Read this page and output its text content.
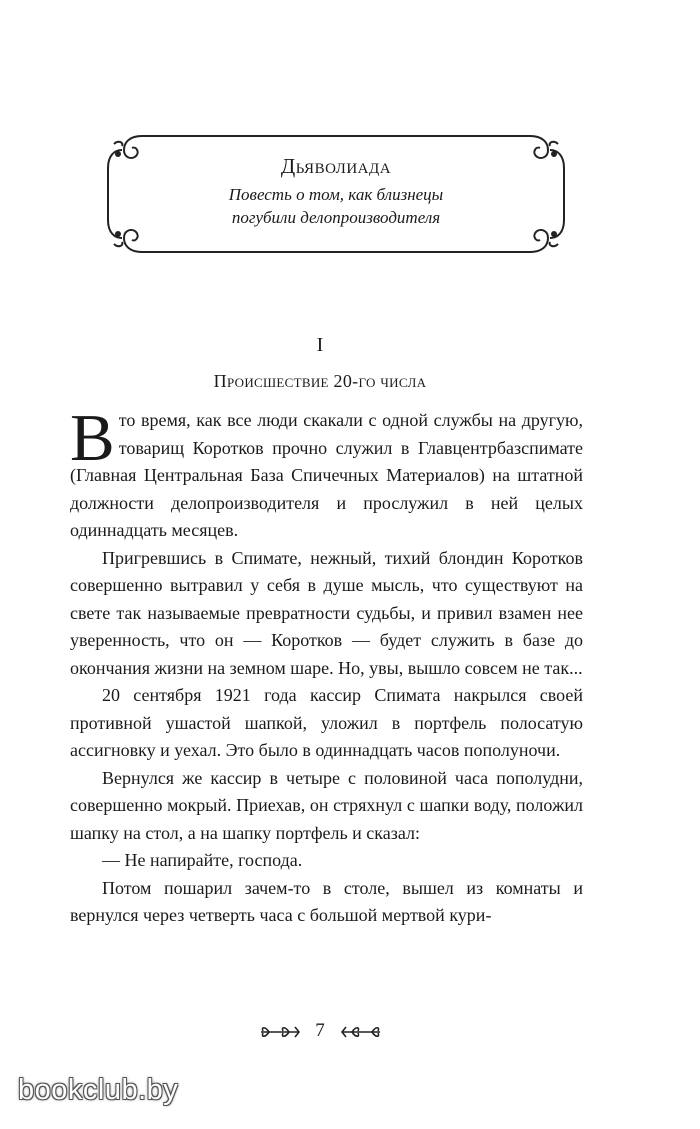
Дьяволиада
Повесть о том, как близнецы
погубили делопроизводителя
I
Происшествие 20-го числа

Вто время, как все люди скакали с одной службы на другую, товарищ Коротков прочно служил в Главцентрбазспимате (Главная Центральная База Спичечных Материалов) на штатной должности делопроизводителя и прослужил в ней целых одиннадцать месяцев.

Пригревшись в Спимате, нежный, тихий блондин Коротков совершенно вытравил у себя в душе мысль, что существуют на свете так называемые превратности судьбы, и привил взамен нее уверенность, что он — Коротков — будет служить в базе до окончания жизни на земном шаре. Но, увы, вышло совсем не так...

20 сентября 1921 года кассир Спимата накрылся своей противной ушастой шапкой, уложил в портфель полосатую ассигновку и уехал. Это было в одиннадцать часов пополуночи.

Вернулся же кассир в четыре с половиной часа пополудни, совершенно мокрый. Приехав, он стряхнул с шапки воду, положил шапку на стол, а на шапку портфель и сказал:

— Не напирайте, господа.

Потом пошарил зачем-то в столе, вышел из комнаты и вернулся через четверть часа с большой мертвой кури-

7
bookclub.by
